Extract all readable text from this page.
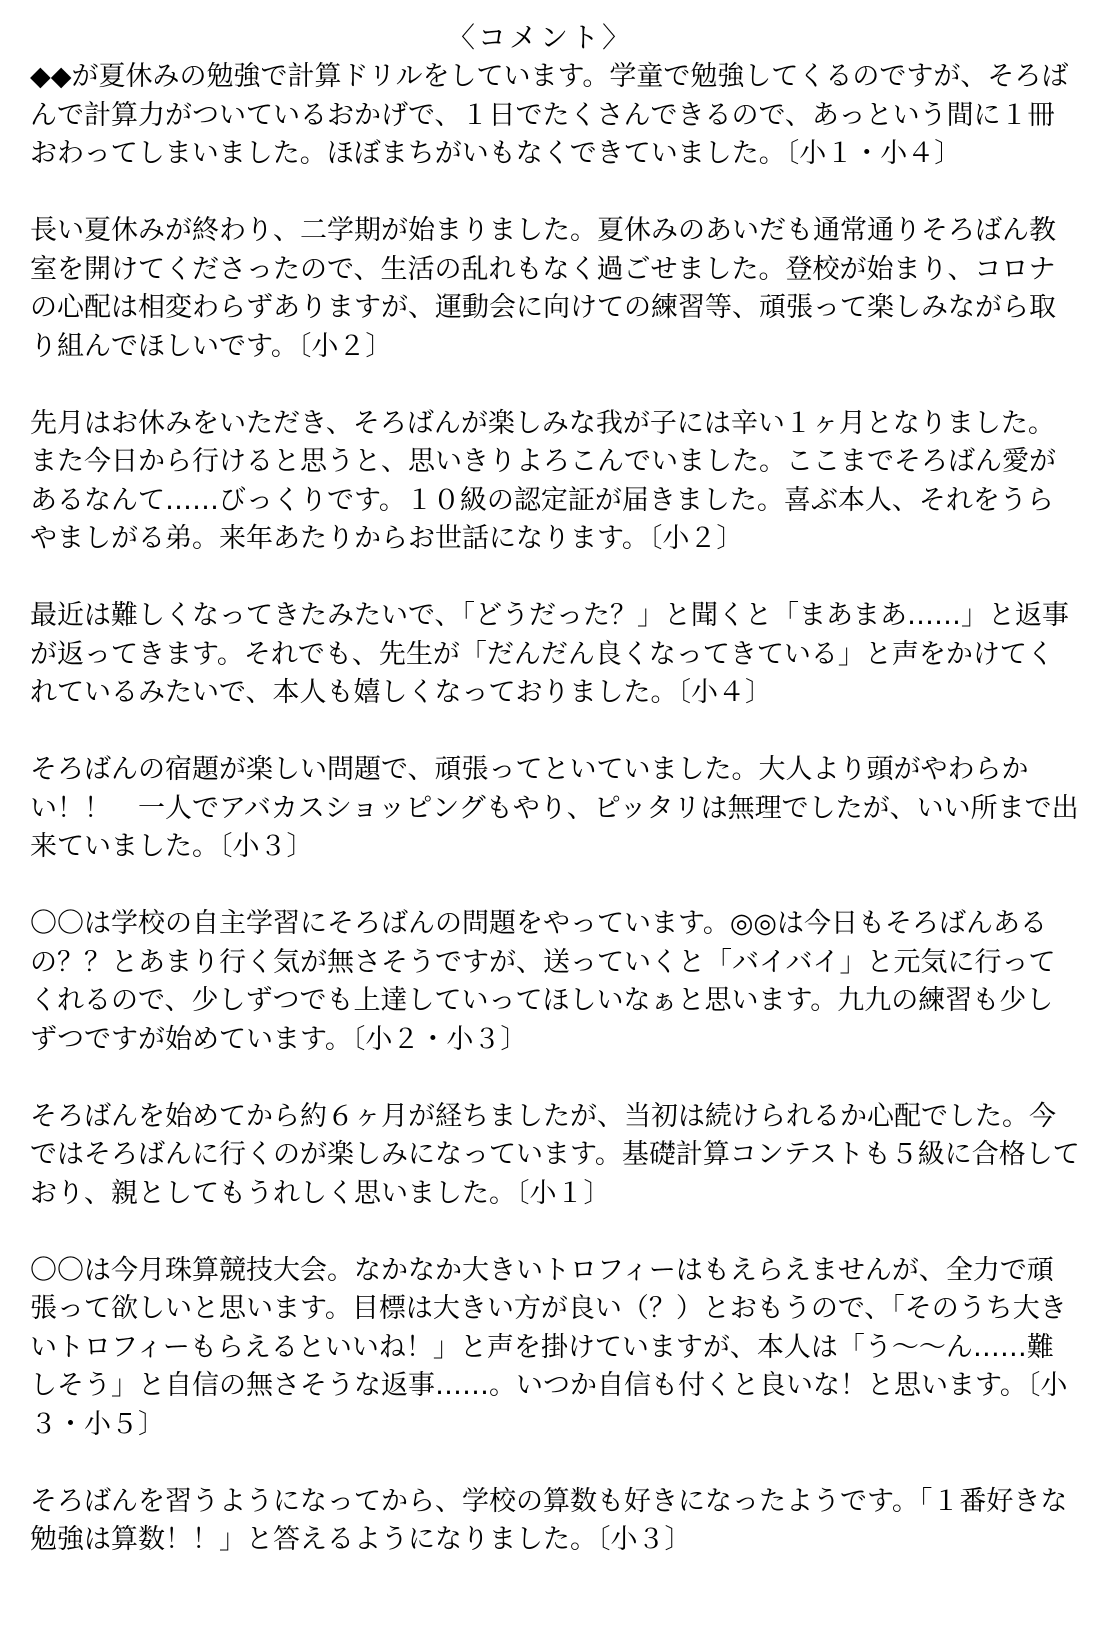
〈コメント〉

◆◆が夏休みの勉強で計算ドリルをしています。学童で勉強してくるのですが、そろばんで計算力がついているおかげで、１日でたくさんできるので、あっという間に１冊おわってしまいました。ほぼまちがいもなくできていました。〔小１・小４〕

長い夏休みが終わり、二学期が始まりました。夏休みのあいだも通常通りそろばん教室を開けてくださったので、生活の乱れもなく過ごせました。登校が始まり、コロナの心配は相変わらずありますが、運動会に向けての練習等、頑張って楽しみながら取り組んでほしいです。〔小２〕

先月はお休みをいただき、そろばんが楽しみな我が子には辛い１ヶ月となりました。また今日から行けると思うと、思いきりよろこんでいました。ここまでそろばん愛があるなんて……びっくりです。１０級の認定証が届きました。喜ぶ本人、それをうらやましがる弟。来年あたりからお世話になります。〔小２〕

最近は難しくなってきたみたいで、「どうだった？」と聞くと「まあまあ……」と返事が返ってきます。それでも、先生が「だんだん良くなってきている」と声をかけてくれているみたいで、本人も嬉しくなっておりました。〔小４〕

そろばんの宿題が楽しい問題で、頑張ってといていました。大人より頭がやわらかい！！　一人でアバカスショッピングもやり、ピッタリは無理でしたが、いい所まで出来ていました。〔小３〕

〇〇は学校の自主学習にそろばんの問題をやっています。◎◎は今日もそろばんあるの？？とあまり行く気が無さそうですが、送っていくと「バイバイ」と元気に行ってくれるので、少しずつでも上達していってほしいなぁと思います。九九の練習も少しずつですが始めています。〔小２・小３〕

そろばんを始めてから約６ヶ月が経ちましたが、当初は続けられるか心配でした。今ではそろばんに行くのが楽しみになっています。基礎計算コンテストも５級に合格しており、親としてもうれしく思いました。〔小１〕

〇〇は今月珠算競技大会。なかなか大きいトロフィーはもえらえませんが、全力で頑張って欲しいと思います。目標は大きい方が良い（？）とおもうので、「そのうち大きいトロフィーもらえるといいね！」と声を掛けていますが、本人は「う〜〜ん……難しそう」と自信の無さそうな返事……。いつか自信も付くと良いな！と思います。〔小３・小５〕

そろばんを習うようになってから、学校の算数も好きになったようです。「１番好きな勉強は算数！！」と答えるようになりました。〔小３〕
